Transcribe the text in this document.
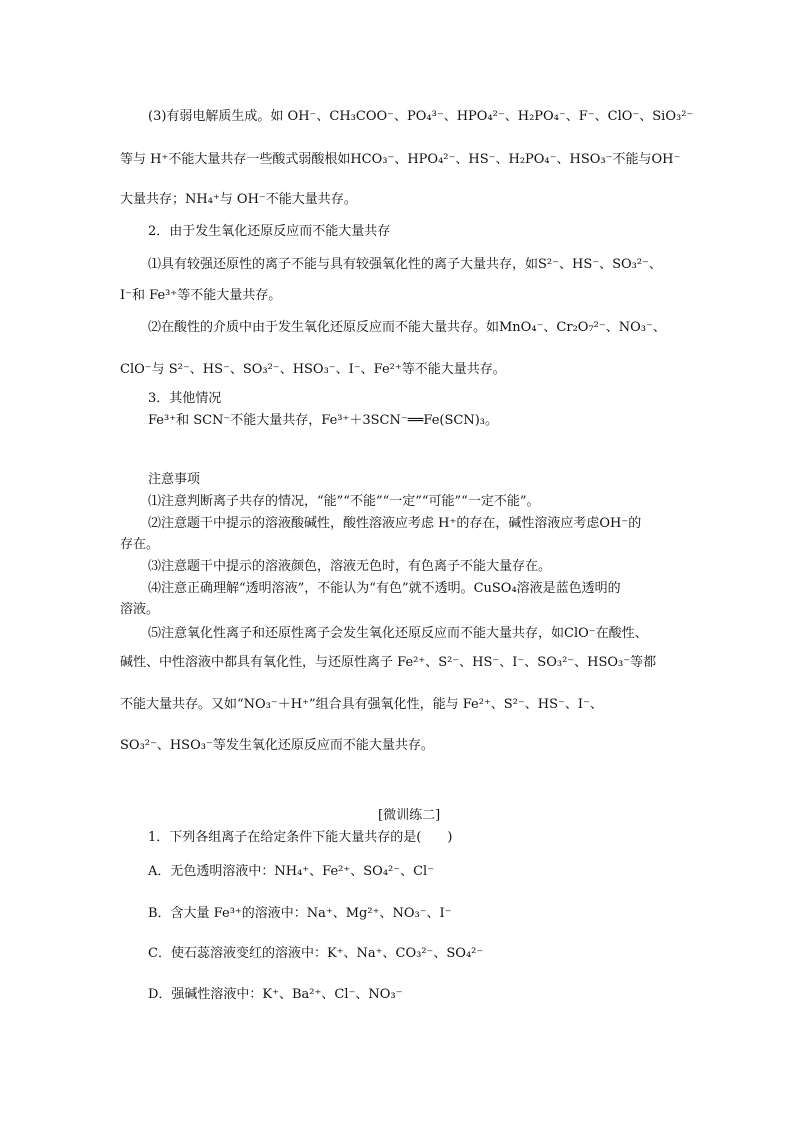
(3)有弱电解质生成。如 OH⁻、CH₃COO⁻、PO₄³⁻、HPO₄²⁻、H₂PO₄⁻、F⁻、ClO⁻、SiO₃²⁻
等与 H⁺不能大量共存一些酸式弱酸根如HCO₃⁻、HPO₄²⁻、HS⁻、H₂PO₄⁻、HSO₃⁻不能与OH⁻
大量共存；NH₄⁺与 OH⁻不能大量共存。
2．由于发生氧化还原反应而不能大量共存
⑴具有较强还原性的离子不能与具有较强氧化性的离子大量共存，如S²⁻、HS⁻、SO₃²⁻、
I⁻和 Fe³⁺等不能大量共存。
⑵在酸性的介质中由于发生氧化还原反应而不能大量共存。如MnO₄⁻、Cr₂O₇²⁻、NO₃⁻、
ClO⁻与 S²⁻、HS⁻、SO₃²⁻、HSO₃⁻、I⁻、Fe²⁺等不能大量共存。
3．其他情况
Fe³⁺和 SCN⁻不能大量共存，Fe³⁺＋3SCN⁻══Fe(SCN)₃。
注意事项
⑴注意判断离子共存的情况，“能”“不能”“一定”“可能”“一定不能”。
⑵注意题干中提示的溶液酸碱性，酸性溶液应考虑 H⁺的存在，碱性溶液应考虑OH⁻的
存在。
⑶注意题干中提示的溶液颜色，溶液无色时，有色离子不能大量存在。
⑷注意正确理解“透明溶液”，不能认为“有色”就不透明。CuSO₄溶液是蓝色透明的
溶液。
⑸注意氧化性离子和还原性离子会发生氧化还原反应而不能大量共存，如ClO⁻在酸性、
碱性、中性溶液中都具有氧化性，与还原性离子 Fe²⁺、S²⁻、HS⁻、I⁻、SO₃²⁻、HSO₃⁻等都
不能大量共存。又如“NO₃⁻＋H⁺”组合具有强氧化性，能与 Fe²⁺、S²⁻、HS⁻、I⁻、
SO₃²⁻、HSO₃⁻等发生氧化还原反应而不能大量共存。
[微训练二]
1．下列各组离子在给定条件下能大量共存的是(　　)
A．无色透明溶液中：NH₄⁺、Fe²⁺、SO₄²⁻、Cl⁻
B．含大量 Fe³⁺的溶液中：Na⁺、Mg²⁺、NO₃⁻、I⁻
C．使石蕊溶液变红的溶液中：K⁺、Na⁺、CO₃²⁻、SO₄²⁻
D．强碱性溶液中：K⁺、Ba²⁺、Cl⁻、NO₃⁻
